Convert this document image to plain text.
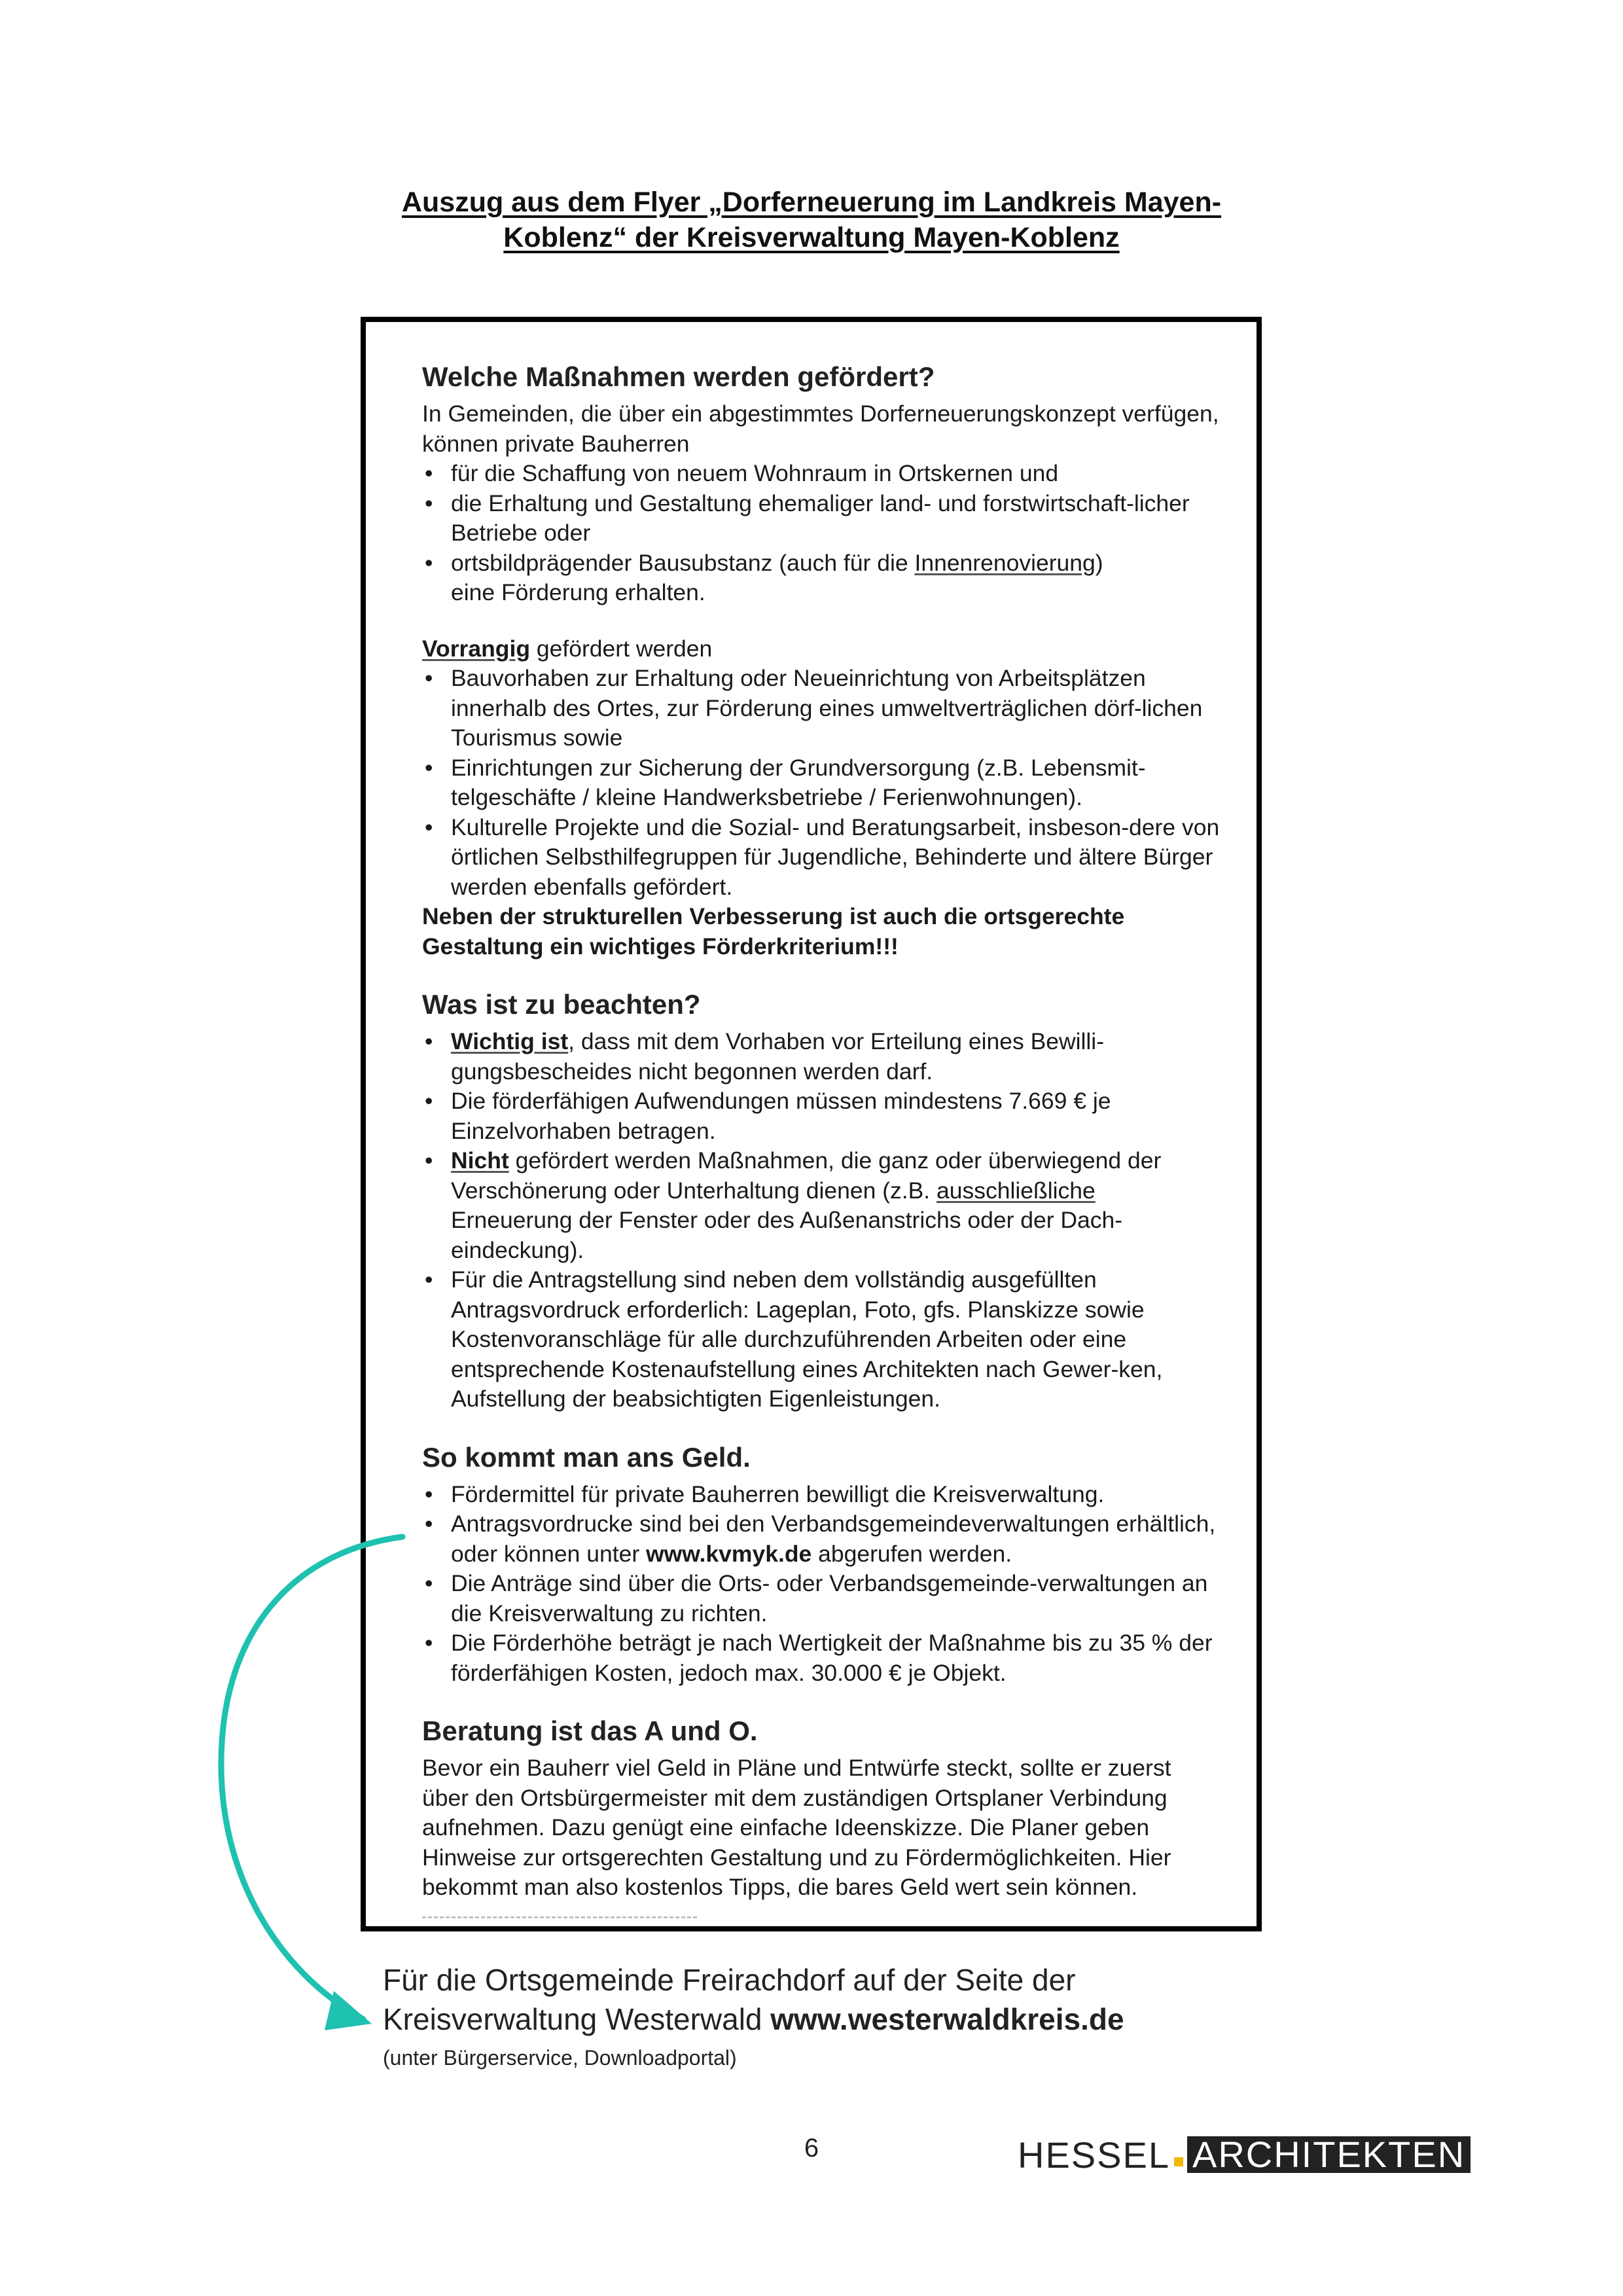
Auszug aus dem Flyer „Dorferneuerung im Landkreis Mayen-
Koblenz“ der Kreisverwaltung Mayen-Koblenz
Welche Maßnahmen werden gefördert?

In Gemeinden, die über ein abgestimmtes Dorferneuerungskonzept verfügen, können private Bauherren

• für die Schaffung von neuem Wohnraum in Ortskernen und
• die Erhaltung und Gestaltung ehemaliger land- und forstwirtschaft-licher Betriebe oder
• ortsbildprägender Bausubstanz (auch für die Innenrenovierung)
eine Förderung erhalten.

Vorrangig gefördert werden

• Bauvorhaben zur Erhaltung oder Neueinrichtung von Arbeitsplätzen innerhalb des Ortes, zur Förderung eines umweltverträglichen dörf-lichen Tourismus sowie
• Einrichtungen zur Sicherung der Grundversorgung (z.B. Lebensmit-telgeschäfte / kleine Handwerksbetriebe / Ferienwohnungen).
• Kulturelle Projekte und die Sozial- und Beratungsarbeit, insbeson-dere von örtlichen Selbsthilfegruppen für Jugendliche, Behinderte und ältere Bürger werden ebenfalls gefördert.

Neben der strukturellen Verbesserung ist auch die ortsgerechte

Gestaltung ein wichtiges Förderkriterium!!!

Was ist zu beachten?
• Wichtig ist, dass mit dem Vorhaben vor Erteilung eines Bewilli-gungsbescheides nicht begonnen werden darf.
• Die förderfähigen Aufwendungen müssen mindestens 7.669 € je Einzelvorhaben betragen.
• Nicht gefördert werden Maßnahmen, die ganz oder überwiegend der Verschönerung oder Unterhaltung dienen (z.B. ausschließliche Erneuerung der Fenster oder des Außenanstrichs oder der Dach-eindeckung).
• Für die Antragstellung sind neben dem vollständig ausgefüllten Antragsvordruck erforderlich: Lageplan, Foto, gfs. Planskizze sowie Kostenvoranschläge für alle durchzuführenden Arbeiten oder eine entsprechende Kostenaufstellung eines Architekten nach Gewer-ken, Aufstellung der beabsichtigten Eigenleistungen.
So kommt man ans Geld.
• Fördermittel für private Bauherren bewilligt die Kreisverwaltung.
• Antragsvordrucke sind bei den Verbandsgemeindeverwaltungen erhältlich, oder können unter www.kvmyk.de abgerufen werden.
• Die Anträge sind über die Orts- oder Verbandsgemeinde-verwaltungen an die Kreisverwaltung zu richten.
• Die Förderhöhe beträgt je nach Wertigkeit der Maßnahme bis zu 35 % der förderfähigen Kosten, jedoch max. 30.000 € je Objekt.
Beratung ist das A und O.

Bevor ein Bauherr viel Geld in Pläne und Entwürfe steckt, sollte er zuerst über den Ortsbürgermeister mit dem zuständigen Ortsplaner Verbindung aufnehmen. Dazu genügt eine einfache Ideenskizze. Die Planer geben Hinweise zur ortsgerechten Gestaltung und zu Fördermöglichkeiten. Hier bekommt man also kostenlos Tipps, die bares Geld wert sein können.

Für die Ortsgemeinde Freirachdorf auf der Seite der

Kreisverwaltung Westerwald www.westerwaldkreis.de

(unter Bürgerservice, Downloadportal)

6	HESSEL ARCHITEKTEN
